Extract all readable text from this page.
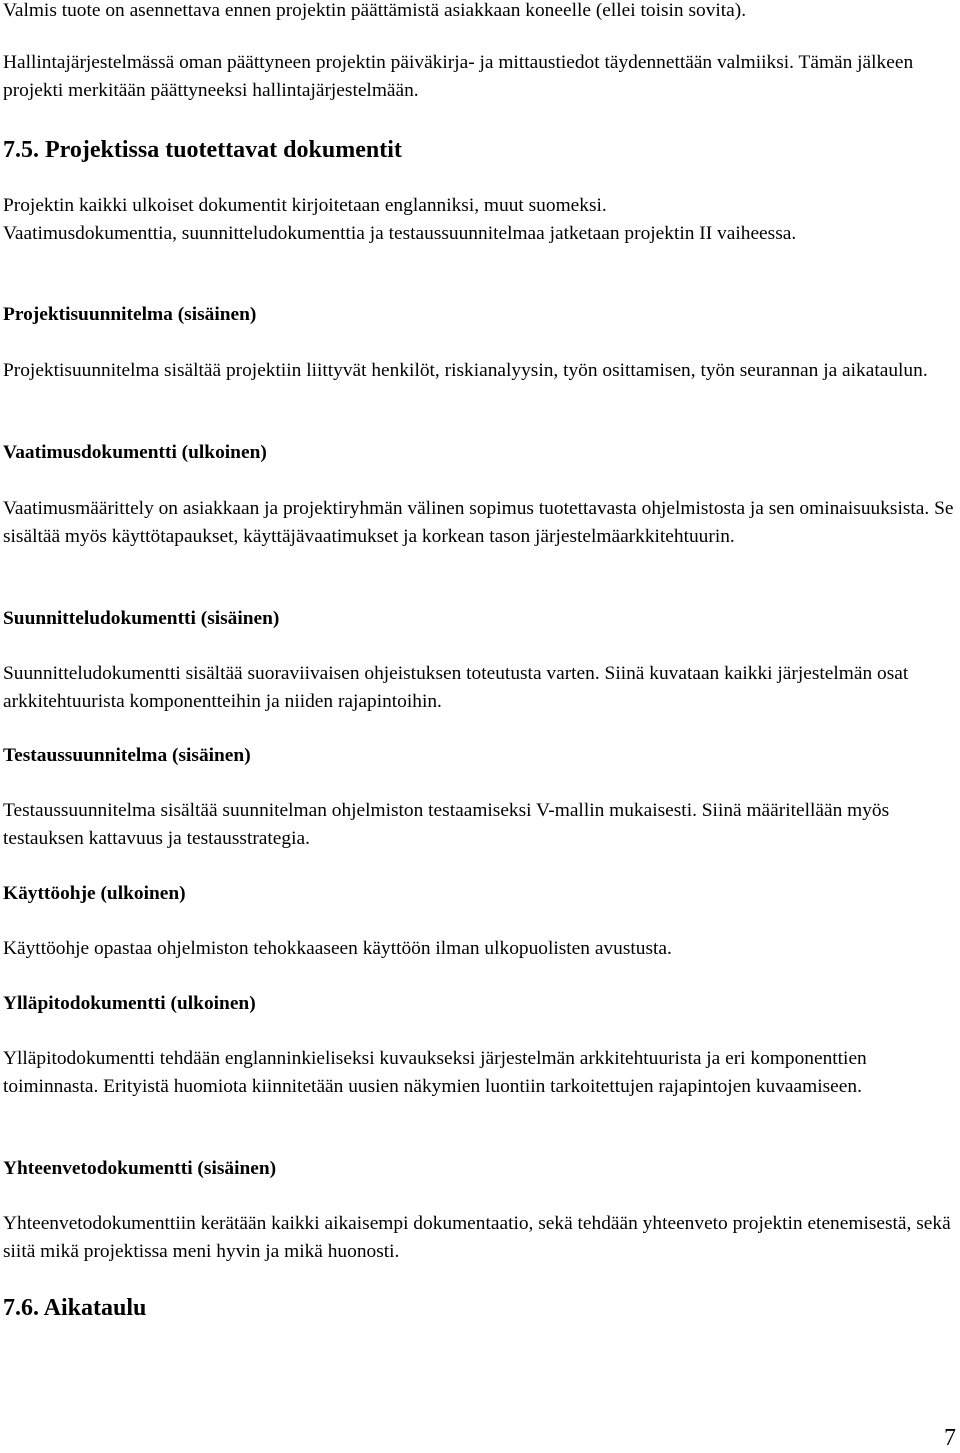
Valmis tuote on asennettava ennen projektin päättämistä asiakkaan koneelle (ellei toisin sovita).

Hallintajärjestelmässä oman päättyneen projektin päiväkirja- ja mittaustiedot täydennettään valmiiksi. Tämän jälkeen projekti merkitään päättyneeksi hallintajärjestelmään.

7.5. Projektissa tuotettavat dokumentit

Projektin kaikki ulkoiset dokumentit kirjoitetaan englanniksi, muut suomeksi.

Vaatimusdokumenttia, suunnitteludokumenttia ja testaussuunnitelmaa jatketaan projektin II vaiheessa.

Projektisuunnitelma (sisäinen)

Projektisuunnitelma sisältää projektiin liittyvät henkilöt, riskianalyysin, työn osittamisen, työn seurannan ja aikataulun.

Vaatimusdokumentti (ulkoinen)

Vaatimusmäärittely on asiakkaan ja projektiryhmän välinen sopimus tuotettavasta ohjelmistosta ja sen ominaisuuksista. Se sisältää myös käyttötapaukset, käyttäjävaatimukset ja korkean tason järjestelmäarkkitehtuurin.

Suunnitteludokumentti (sisäinen)

Suunnitteludokumentti sisältää suoraviivaisen ohjeistuksen toteutusta varten. Siinä kuvataan kaikki järjestelmän osat arkkitehtuurista komponentteihin ja niiden rajapintoihin.

Testaussuunnitelma (sisäinen)

Testaussuunnitelma sisältää suunnitelman ohjelmiston testaamiseksi V-mallin mukaisesti. Siinä määritellään myös testauksen kattavuus ja testausstrategia.

Käyttöohje (ulkoinen)

Käyttöohje opastaa ohjelmiston tehokkaaseen käyttöön ilman ulkopuolisten avustusta.

Ylläpitodokumentti (ulkoinen)

Ylläpitodokumentti tehdään englanninkieliseksi kuvaukseksi järjestelmän arkkitehtuurista ja eri komponenttien toiminnasta. Erityistä huomiota kiinnitetään uusien näkymien luontiin tarkoitettujen rajapintojen kuvaamiseen.

Yhteenvetodokumentti (sisäinen)

Yhteenvetodokumenttiin kerätään kaikki aikaisempi dokumentaatio, sekä tehdään yhteenveto projektin etenemisestä, sekä siitä mikä projektissa meni hyvin ja mikä huonosti.

7.6. Aikataulu

7
